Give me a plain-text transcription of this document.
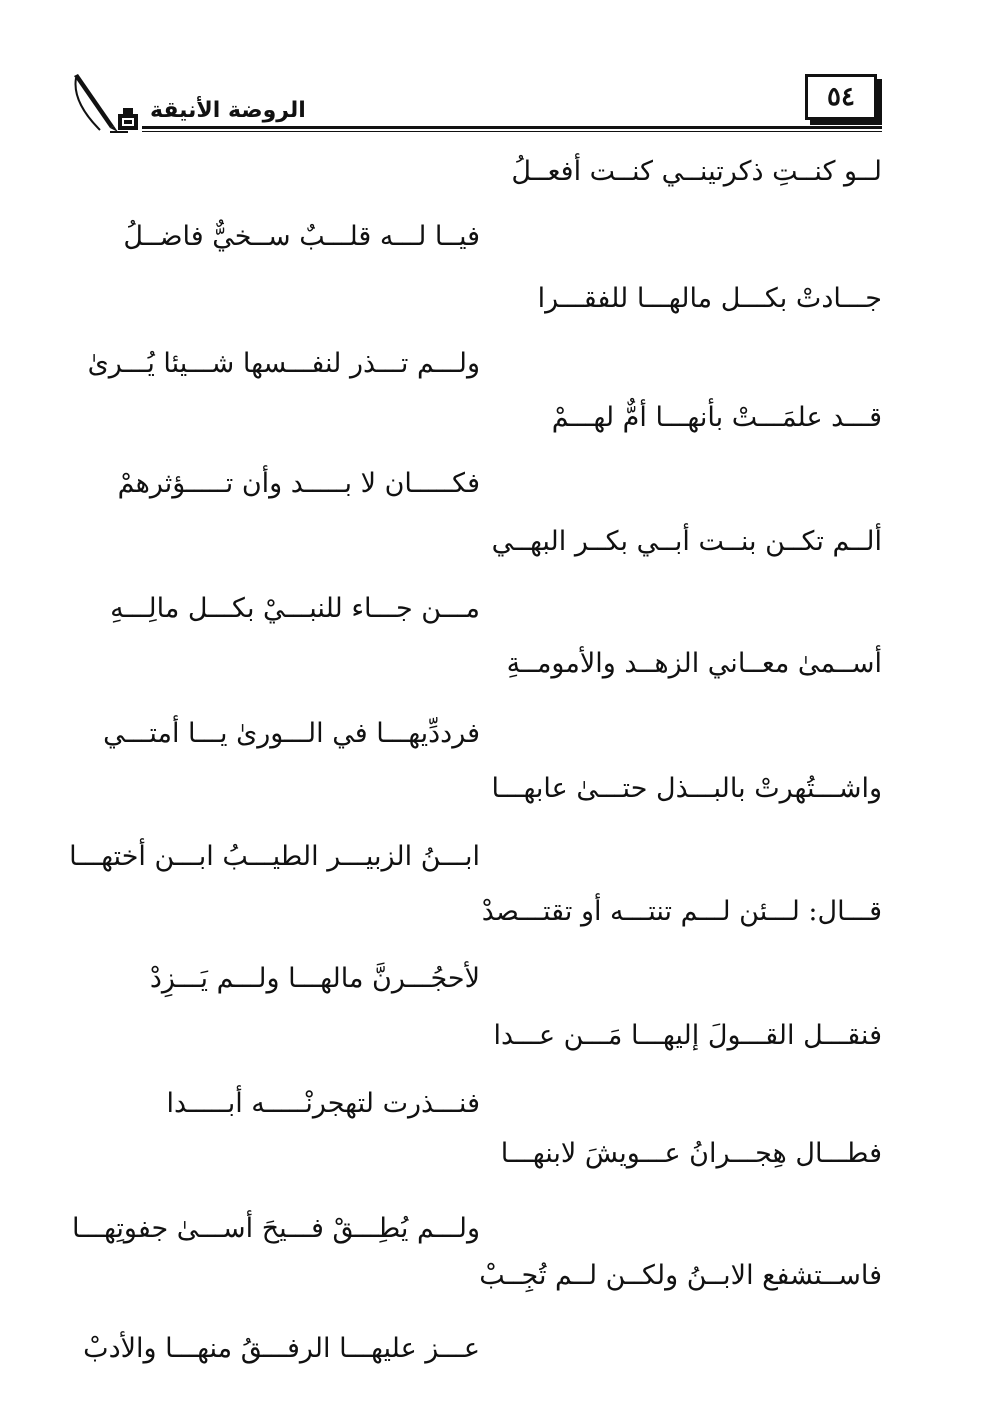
٥٤
الروضة الأنيقة
لــو كنــتِ ذكرتينــي كنــت أفعــلُ
فيــا لـــه قلـــبٌ ســخيٌّ فاضــلُ
جـــادتْ بكـــل مالهـــا للفقـــرا
ولـــم تـــذر لنفـــسها شـــيئا يُـــرىٰ
قـــد علمَـــتْ بأنهـــا أمٌّ لهـــمْ
فكـــــان لا بـــــد وأن تـــــؤثرهمْ
ألــم تكــن بنــت أبــي بكــر البهــي
مـــن جـــاء للنبـــيْ بكـــل مالِـــهِ
أســمىٰ معــاني الزهــد والأمومــةِ
فرددِّيهـــا في الـــورىٰ يـــا أمتـــي
واشـــتُهرتْ بالبـــذل حتـــىٰ عابهـــا
ابـــنُ الزبيـــر الطيـــبُ ابـــن أختهـــا
قـــال: لـــئن لـــم تنتـــه أو تقتـــصدْ
لأحجُـــرنَّ مالهـــا ولـــم يَـــزِدْ
فنقـــل القـــولَ إليهـــا مَـــن عـــدا
فنـــذرت لتهجرنْـــــه أبـــــدا
فطـــال هِجـــرانُ عـــويشَ لابنهـــا
ولـــم يُطِـــقْ فـــيحَ أســـىٰ جفوتِهـــا
فاســتشفع الابــنُ ولكــن لــم تُجِــبْ
عـــز عليهـــا الرفـــقُ منهـــا والأدبْ
